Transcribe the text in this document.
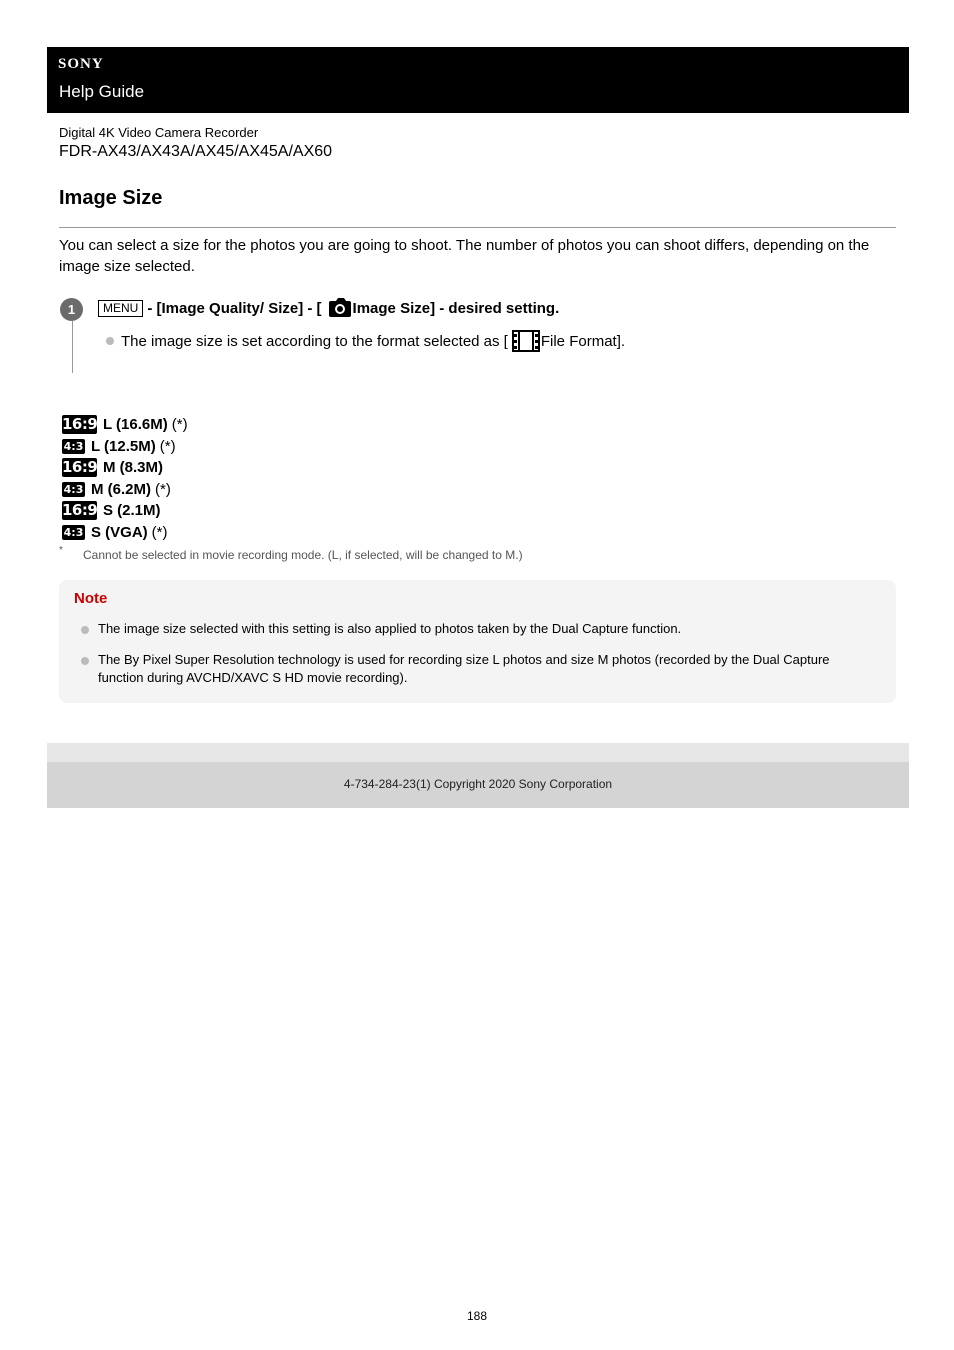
SONY
Help Guide
Digital 4K Video Camera Recorder
FDR-AX43/AX43A/AX45/AX45A/AX60
Image Size

You can select a size for the photos you are going to shoot. The number of photos you can shoot differs, depending on the image size selected.

1	MENU - [Image Quality/ Size] - [ Image Size] - desired setting.
The image size is set according to the format selected as [ File Format].
16:9 L (16.6M) (*)
4:3 L (12.5M) (*)
16:9 M (8.3M)
4:3 M (6.2M) (*)
16:9 S (2.1M)
4:3 S (VGA) (*)
* Cannot be selected in movie recording mode. (L, if selected, will be changed to M.)
Note
The image size selected with this setting is also applied to photos taken by the Dual Capture function.
The By Pixel Super Resolution technology is used for recording size L photos and size M photos (recorded by the Dual Capture function during AVCHD/XAVC S HD movie recording).
4-734-284-23(1) Copyright 2020 Sony Corporation
188
